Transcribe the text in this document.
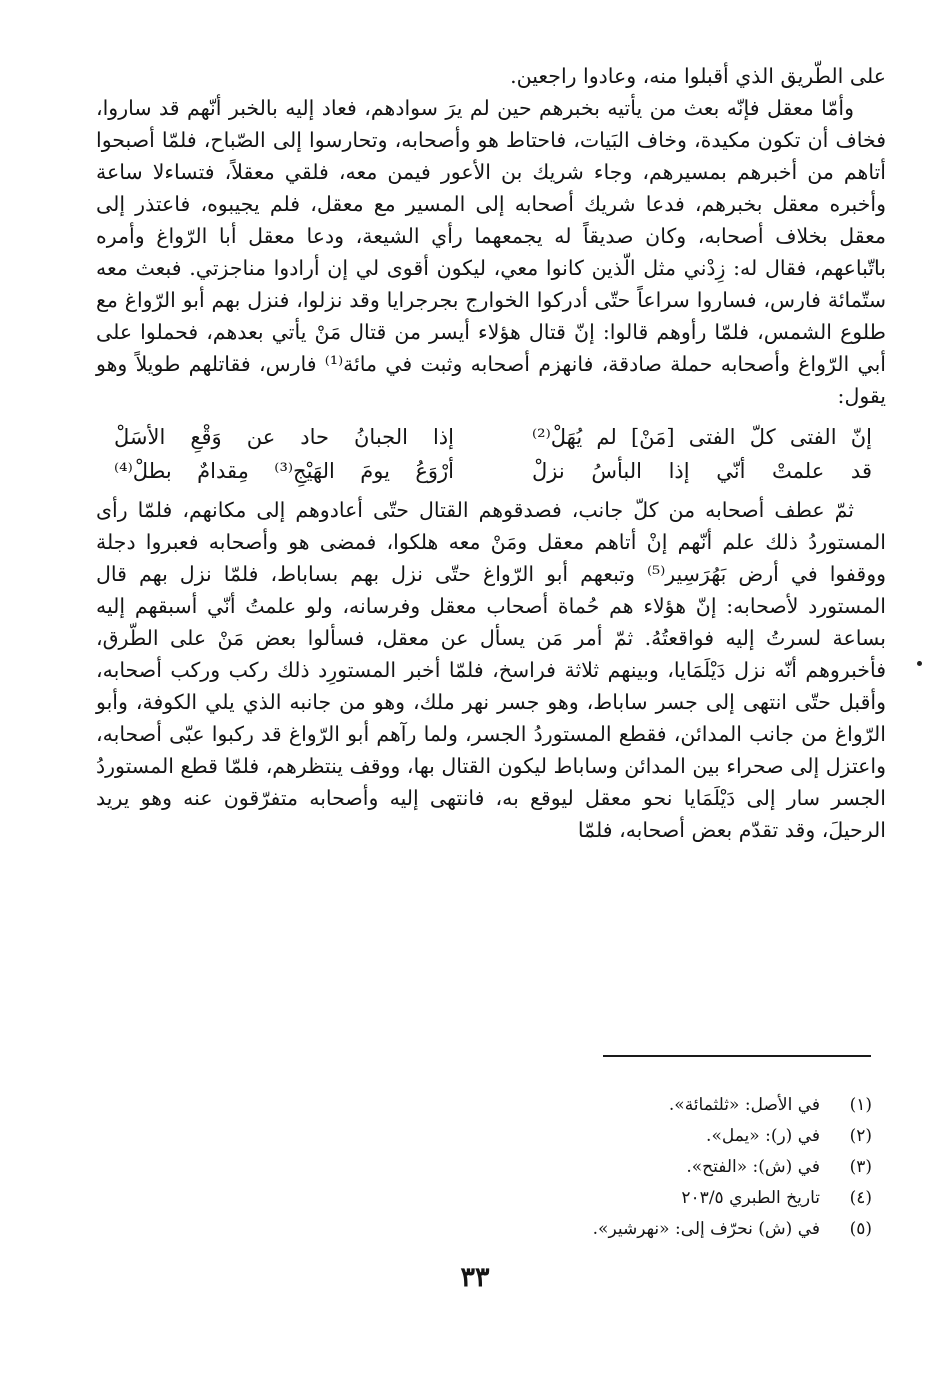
على الطّريق الذي أقبلوا منه، وعادوا راجعين.

وأمّا معقل فإنّه بعث من يأتيه بخبرهم حين لم يرَ سوادهم، فعاد إليه بالخبر أنّهم قد ساروا، فخاف أن تكون مكيدة، وخاف البَيات، فاحتاط هو وأصحابه، وتحارسوا إلى الصّباح، فلمّا أصبحوا أتاهم من أخبرهم بمسيرهم، وجاء شريك بن الأعور فيمن معه، فلقي معقلاً، فتساءلا ساعة وأخبره معقل بخبرهم، فدعا شريك أصحابه إلى المسير مع معقل، فلم يجيبوه، فاعتذر إلى معقل بخلاف أصحابه، وكان صديقاً له يجمعهما رأي الشيعة، ودعا معقل أبا الرّواغ وأمره باتّباعهم، فقال له: زِدْني مثل الّذين كانوا معي، ليكون أقوى لي إن أرادوا مناجزتي. فبعث معه ستّمائة فارس، فساروا سراعاً حتّى أدركوا الخوارج بجرجرايا وقد نزلوا، فنزل بهم أبو الرّواغ مع طلوع الشمس، فلمّا رأوهم قالوا: إنّ قتال هؤلاء أيسر من قتال مَنْ يأتي بعدهم، فحملوا على أبي الرّواغ وأصحابه حملة صادقة، فانهزم أصحابه وثبت في مائة⁽¹⁾ فارس، فقاتلهم طويلاً وهو يقول:

إنّ الفتى كلّ الفتى [مَنْ] لم يُهَلْ⁽²⁾
إذا الجبانُ حاد عن وَقْعِ الأسَلْ
قد علمتْ أنّي إذا البأسُ نزلْ
أرْوَعُ يومَ الهَيْجِ⁽³⁾ مِقدامٌ بطلْ⁽⁴⁾

ثمّ عطف أصحابه من كلّ جانب، فصدقوهم القتال حتّى أعادوهم إلى مكانهم، فلمّا رأى المستوردُ ذلك علم أنّهم إنْ أتاهم معقل ومَنْ معه هلكوا، فمضى هو وأصحابه فعبروا دجلة ووقفوا في أرض بَهُرَسِير⁽⁵⁾ وتبعهم أبو الرّواغ حتّى نزل بهم بساباط، فلمّا نزل بهم قال المستورد لأصحابه: إنّ هؤلاء هم حُماة أصحاب معقل وفرسانه، ولو علمتُ أنّي أسبقهم إليه بساعة لسرتُ إليه فواقعتُهُ. ثمّ أمر مَن يسأل عن معقل، فسألوا بعض مَنْ على الطّرق، فأخبروهم أنّه نزل دَيْلَمَايا، وبينهم ثلاثة فراسخ، فلمّا أخبر المستورِد ذلك ركب وركب أصحابه، وأقبل حتّى انتهى إلى جسر ساباط، وهو جسر نهر ملك، وهو من جانبه الذي يلي الكوفة، وأبو الرّواغ من جانب المدائن، فقطع المستوردُ الجسر، ولما رآهم أبو الرّواغ قد ركبوا عبّى أصحابه، واعتزل إلى صحراء بين المدائن وساباط ليكون القتال بها، ووقف ينتظرهم، فلمّا قطع المستوردُ الجسر سار إلى دَيْلَمَايا نحو معقل ليوقع به، فانتهى إليه وأصحابه متفرّقون عنه وهو يريد الرحيلَ، وقد تقدّم بعض أصحابه، فلمّا

(١)
في الأصل: «ثلثمائة».
(٢)
في (ر): «يمل».
(٣)
في (ش): «الفتح».
(٤)
تاريخ الطبري ٢٠٣/٥
(٥)
في (ش) نحرّف إلى: «نهرشير».
٣٣
